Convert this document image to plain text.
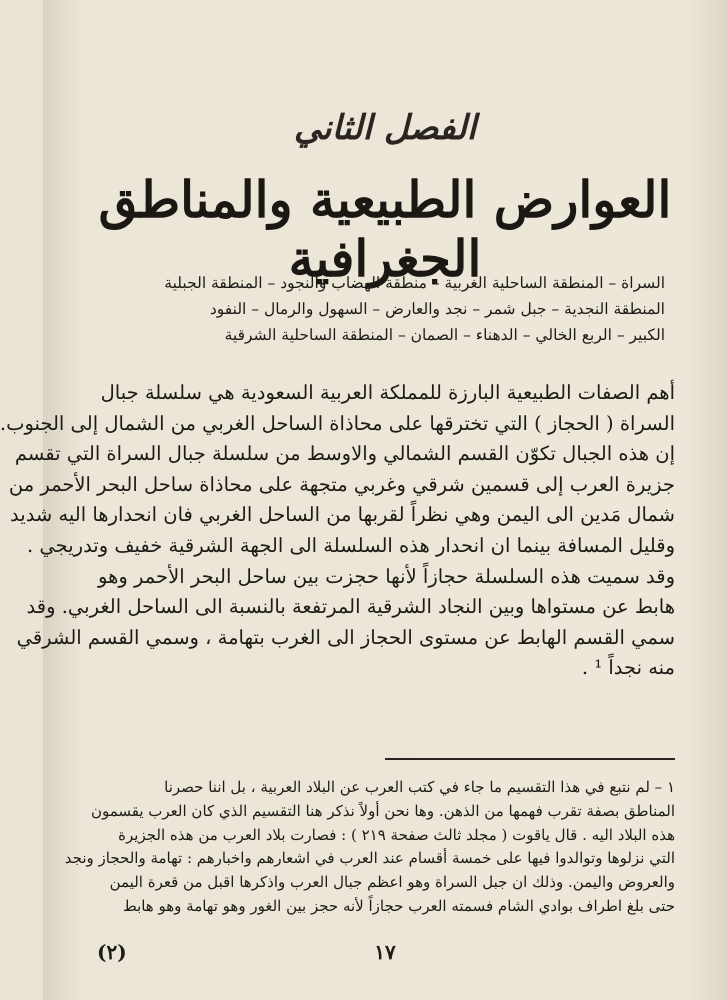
الفصل الثاني
العوارض الطبيعية والمناطق الجغرافية
السراة – المنطقة الساحلية الغربية – منطقة الهضاب والنجود – المنطقة الجبلية
المنطقة النجدية – جبل شمر – نجد والعارض – السهول والرمال – النفود
الكبير – الربع الخالي – الدهناء – الصمان – المنطقة الساحلية الشرقية
أهم الصفات الطبيعية البارزة للمملكة العربية السعودية هي سلسلة جبال
السراة ( الحجاز ) التي تخترقها على محاذاة الساحل الغربي من الشمال إلى الجنوب.
إن هذه الجبال تكوّن القسم الشمالي والاوسط من سلسلة جبال السراة التي تقسم
جزيرة العرب إلى قسمين شرقي وغربي متجهة على محاذاة ساحل البحر الأحمر من
شمال مَدين الى اليمن وهي نظراً لقربها من الساحل الغربي فان انحدارها اليه شديد
وقليل المسافة بينما ان انحدار هذه السلسلة الى الجهة الشرقية خفيف وتدريجي .
وقد سميت هذه السلسلة حجازاً لأنها حجزت بين ساحل البحر الأحمر وهو
هابط عن مستواها وبين النجاد الشرقية المرتفعة بالنسبة الى الساحل الغربي. وقد
سمي القسم الهابط عن مستوى الحجاز الى الغرب بتهامة ، وسمي القسم الشرقي
منه نجداً ¹ .
١ – لم نتبع في هذا التقسيم ما جاء في كتب العرب عن البلاد العربية ، بل اننا حصرنا
المناطق بصفة تقرب فهمها من الذهن. وها نحن أولاً نذكر هنا التقسيم الذي كان العرب يقسمون
هذه البلاد اليه . قال ياقوت ( مجلد ثالث صفحة ٢١٩ ) : فصارت بلاد العرب من هذه الجزيرة
التي نزلوها وتوالدوا فيها على خمسة أقسام عند العرب في اشعارهم واخبارهم : تهامة والحجاز ونجد
والعروض واليمن. وذلك ان جبل السراة وهو اعظم جبال العرب واذكرها اقبل من قعرة اليمن
حتى بلغ اطراف بوادي الشام فسمته العرب حجازاً لأنه حجز بين الغور وهو تهامة وهو هابط
١٧
(٢)
